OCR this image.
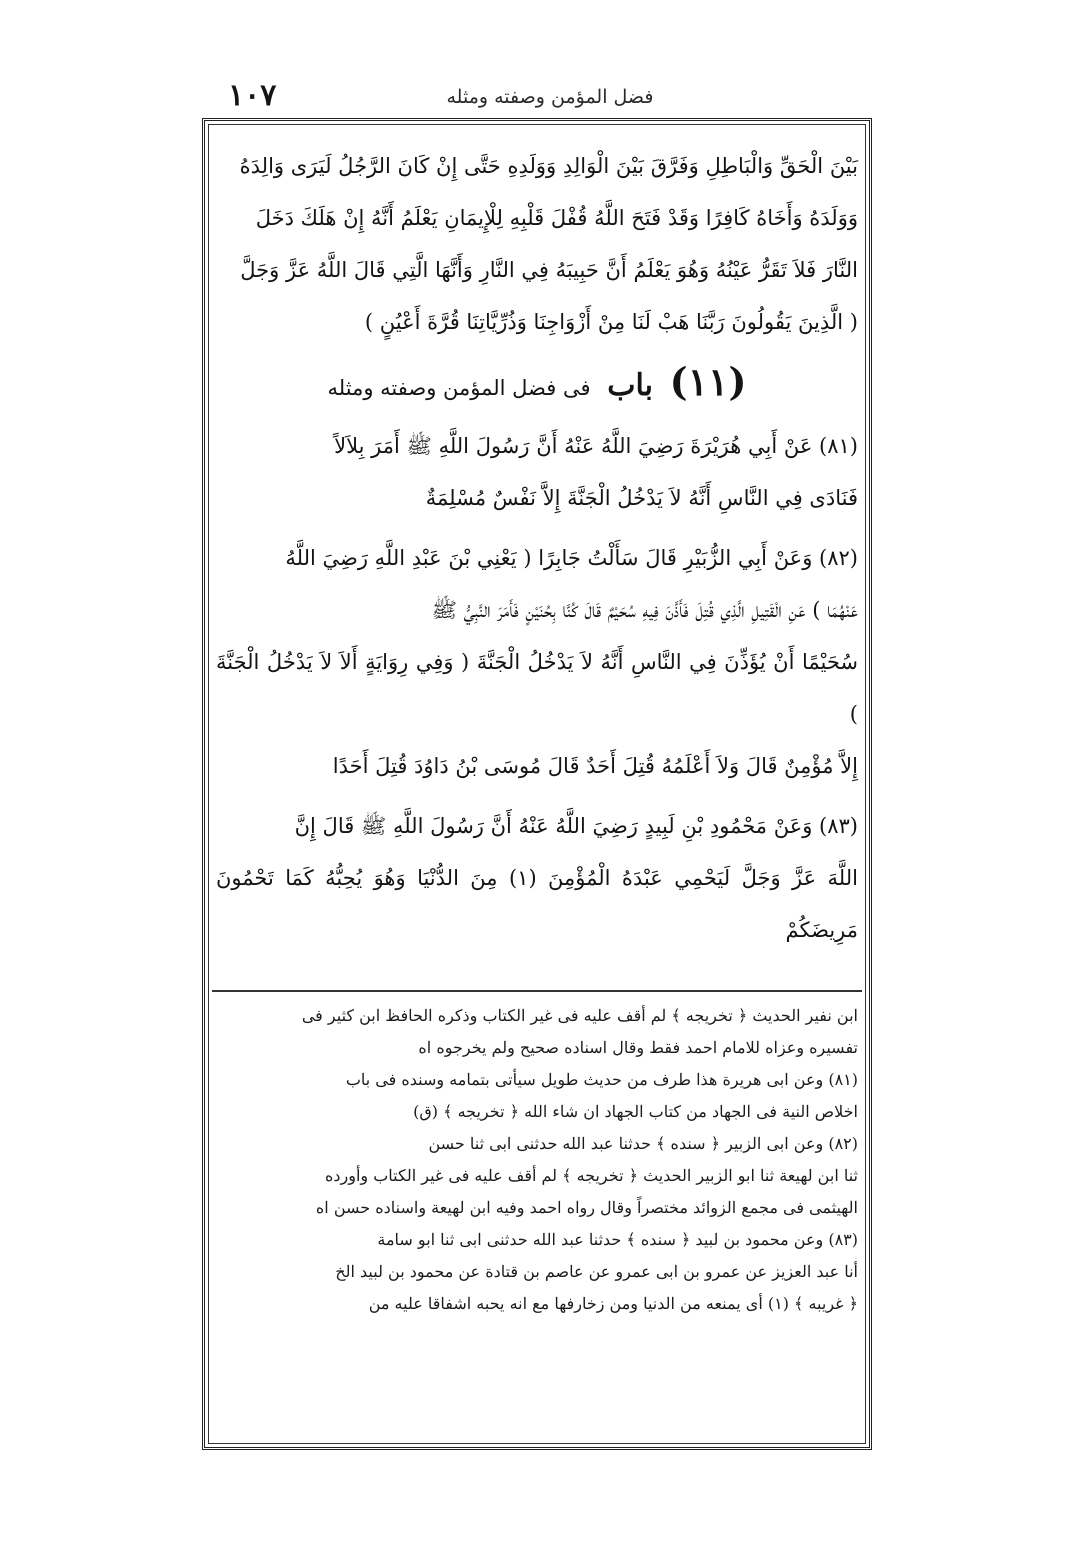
١٠٧	فضل المؤمن وصفته ومثله

بَيْنَ الْحَقِّ وَالْبَاطِلِ وَفَرَّقَ بَيْنَ الْوَالِدِ وَوَلَدِهِ حَتَّى إِنْ كَانَ الرَّجُلُ لَيَرَى وَالِدَهُ

وَوَلَدَهُ وَأَخَاهُ كَافِرًا وَقَدْ فَتَحَ اللَّهُ قُفْلَ قَلْبِهِ لِلْإِيمَانِ يَعْلَمُ أَنَّهُ إِنْ هَلَكَ دَخَلَ

النَّارَ فَلاَ تَقَرُّ عَيْنُهُ وَهُوَ يَعْلَمُ أَنَّ حَبِيبَهُ فِي النَّارِ وَأَنَّهَا الَّتِي قَالَ اللَّهُ عَزَّ وَجَلَّ

( الَّذِينَ يَقُولُونَ رَبَّنَا هَبْ لَنَا مِنْ أَزْوَاجِنَا وَذُرِّيَّاتِنَا قُرَّةَ أَعْيُنٍ )

(١١) باب فى فضل المؤمن وصفته ومثله

(٨١) عَنْ أَبِي هُرَيْرَةَ رَضِيَ اللَّهُ عَنْهُ أَنَّ رَسُولَ اللَّهِ ﷺ أَمَرَ بِلاَلاً

فَنَادَى فِي النَّاسِ أَنَّهُ لاَ يَدْخُلُ الْجَنَّةَ إِلاَّ نَفْسٌ مُسْلِمَةٌ

(٨٢) وَعَنْ أَبِي الزُّبَيْرِ قَالَ سَأَلْتُ جَابِرًا ( يَعْنِي بْنَ عَبْدِ اللَّهِ رَضِيَ اللَّهُ

عَنْهُمَا ) عَنِ الْقَتِيلِ الَّذِي قُتِلَ فَأَذَّنَ فِيهِ سُحَيْمٌ قَالَ كُنَّا بِحُنَيْنٍ فَأَمَرَ النَّبِيُّ ﷺ

سُحَيْمًا أَنْ يُؤَذِّنَ فِي النَّاسِ أَنَّهُ لاَ يَدْخُلُ الْجَنَّةَ ( وَفِي رِوَايَةٍ أَلاَ لاَ يَدْخُلُ الْجَنَّةَ )

إِلاَّ مُؤْمِنٌ قَالَ وَلاَ أَعْلَمُهُ قُتِلَ أَحَدٌ قَالَ مُوسَى بْنُ دَاوُدَ قُتِلَ أَحَدًا

(٨٣) وَعَنْ مَحْمُودِ بْنِ لَبِيدٍ رَضِيَ اللَّهُ عَنْهُ أَنَّ رَسُولَ اللَّهِ ﷺ قَالَ إِنَّ

اللَّهَ عَزَّ وَجَلَّ لَيَحْمِي عَبْدَهُ الْمُؤْمِنَ (١) مِنَ الدُّنْيَا وَهُوَ يُحِبُّهُ كَمَا تَحْمُونَ مَرِيضَكُمْ

ابن نفير الحديث ﴿ تخريجه ﴾ لم أقف عليه فى غير الكتاب وذكره الحافظ ابن كثير فى

تفسيره وعزاه للامام احمد فقط وقال اسناده صحيح ولم يخرجوه اه

(٨١) وعن ابى هريرة هذا طرف من حديث طويل سيأتى بتمامه وسنده فى باب

اخلاص النية فى الجهاد من كتاب الجهاد ان شاء الله ﴿ تخريجه ﴾ (ق)

(٨٢) وعن ابى الزبير ﴿ سنده ﴾ حدثنا عبد الله حدثنى ابى ثنا حسن

ثنا ابن لهيعة ثنا ابو الزبير الحديث ﴿ تخريجه ﴾ لم أقف عليه فى غير الكتاب وأورده

الهيثمى فى مجمع الزوائد مختصراً وقال رواه احمد وفيه ابن لهيعة واسناده حسن اه

(٨٣) وعن محمود بن لبيد ﴿ سنده ﴾ حدثنا عبد الله حدثنى ابى ثنا ابو سامة

أنا عبد العزيز عن عمرو بن ابى عمرو عن عاصم بن قتادة عن محمود بن لبيد الخ

﴿ غريبه ﴾ (١) أى يمنعه من الدنيا ومن زخارفها مع انه يحبه اشفاقا عليه من
